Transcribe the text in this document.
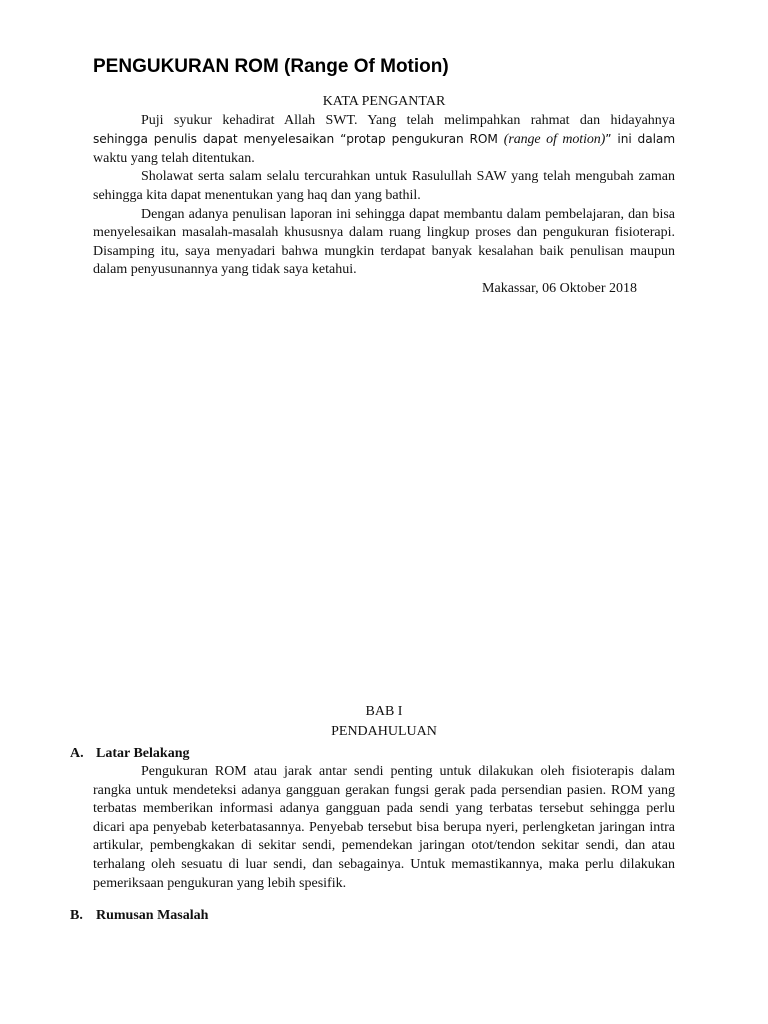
PENGUKURAN ROM (Range Of Motion)
KATA PENGANTAR
Puji syukur kehadirat Allah SWT. Yang telah melimpahkan rahmat dan hidayahnya
sehingga penulis dapat menyelesaikan “protap pengukuran ROM (range of motion)” ini dalam
waktu yang telah ditentukan.

Sholawat serta salam selalu tercurahkan untuk Rasulullah SAW yang telah mengubah zaman sehingga kita dapat menentukan yang haq dan yang bathil.

Dengan adanya penulisan laporan ini sehingga dapat membantu dalam pembelajaran, dan bisa menyelesaikan masalah-masalah khususnya dalam ruang lingkup proses dan pengukuran fisioterapi. Disamping itu, saya menyadari bahwa mungkin terdapat banyak kesalahan baik penulisan maupun dalam penyusunannya yang tidak saya ketahui.

Makassar, 06 Oktober 2018
BAB I
PENDAHULUAN
A. Latar Belakang

Pengukuran ROM atau jarak antar sendi penting untuk dilakukan oleh fisioterapis dalam rangka untuk mendeteksi adanya gangguan gerakan fungsi gerak pada persendian pasien. ROM yang terbatas memberikan informasi adanya gangguan pada sendi yang terbatas tersebut sehingga perlu dicari apa penyebab keterbatasannya. Penyebab tersebut bisa berupa nyeri, perlengketan jaringan intra artikular, pembengkakan di sekitar sendi, pemendekan jaringan otot/tendon sekitar sendi, dan atau terhalang oleh sesuatu di luar sendi, dan sebagainya. Untuk memastikannya, maka perlu dilakukan pemeriksaan pengukuran yang lebih spesifik.

B. Rumusan Masalah
